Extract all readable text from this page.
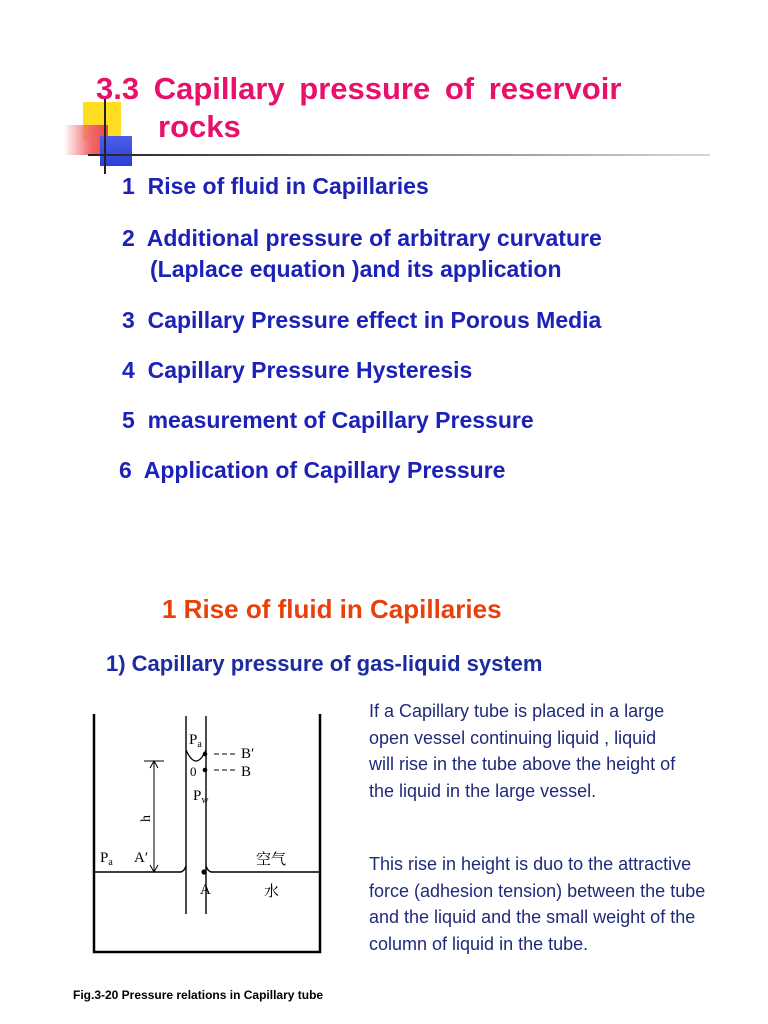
3.3 Capillary pressure of reservoir
rocks
1 Rise of fluid in Capillaries
2 Additional pressure of arbitrary curvature
(Laplace equation )and its application
3 Capillary Pressure effect in Porous Media
4 Capillary Pressure Hysteresis
5 measurement of Capillary Pressure
6 Application of Capillary Pressure
1 Rise of fluid in Capillaries
1) Capillary pressure of gas-liquid system
$P_a$
B′
B
0
$P_w$
h
$P_a$ A′
A
空气
水
If a Capillary tube is placed in a large open vessel continuing liquid , liquid will rise in the tube above the height of the liquid in the large vessel.
This rise in height is duo to the attractive force (adhesion tension) between the tube and the liquid and the small weight of the column of liquid in the tube.
Fig.3-20 Pressure relations in Capillary tube
